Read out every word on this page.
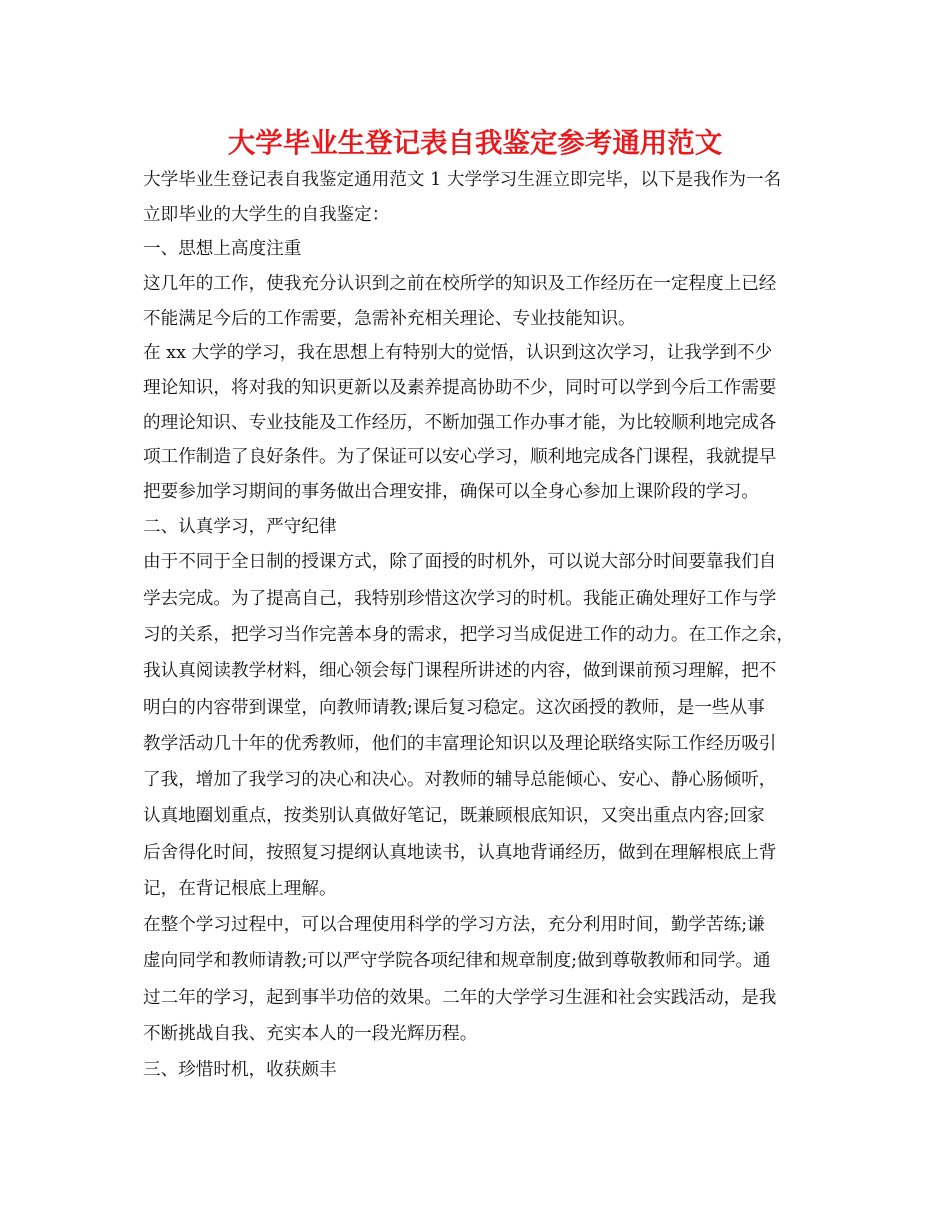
大学毕业生登记表自我鉴定参考通用范文
大学毕业生登记表自我鉴定通用范文 1 大学学习生涯立即完毕，以下是我作为一名
立即毕业的大学生的自我鉴定：
一、思想上高度注重
这几年的工作，使我充分认识到之前在校所学的知识及工作经历在一定程度上已经
不能满足今后的工作需要，急需补充相关理论、专业技能知识。
在 xx 大学的学习，我在思想上有特别大的觉悟，认识到这次学习，让我学到不少
理论知识，将对我的知识更新以及素养提高协助不少，同时可以学到今后工作需要
的理论知识、专业技能及工作经历，不断加强工作办事才能，为比较顺利地完成各
项工作制造了良好条件。为了保证可以安心学习，顺利地完成各门课程，我就提早
把要参加学习期间的事务做出合理安排，确保可以全身心参加上课阶段的学习。
二、认真学习，严守纪律
由于不同于全日制的授课方式，除了面授的时机外，可以说大部分时间要靠我们自
学去完成。为了提高自己，我特别珍惜这次学习的时机。我能正确处理好工作与学
习的关系，把学习当作完善本身的需求，把学习当成促进工作的动力。在工作之余，
我认真阅读教学材料，细心领会每门课程所讲述的内容，做到课前预习理解，把不
明白的内容带到课堂，向教师请教;课后复习稳定。这次函授的教师，是一些从事
教学活动几十年的优秀教师，他们的丰富理论知识以及理论联络实际工作经历吸引
了我，增加了我学习的决心和决心。对教师的辅导总能倾心、安心、静心肠倾听，
认真地圈划重点，按类别认真做好笔记，既兼顾根底知识，又突出重点内容;回家
后舍得化时间，按照复习提纲认真地读书，认真地背诵经历，做到在理解根底上背
记，在背记根底上理解。
在整个学习过程中，可以合理使用科学的学习方法，充分利用时间，勤学苦练;谦
虚向同学和教师请教;可以严守学院各项纪律和规章制度;做到尊敬教师和同学。通
过二年的学习，起到事半功倍的效果。二年的大学学习生涯和社会实践活动，是我
不断挑战自我、充实本人的一段光辉历程。
三、珍惜时机，收获颇丰
